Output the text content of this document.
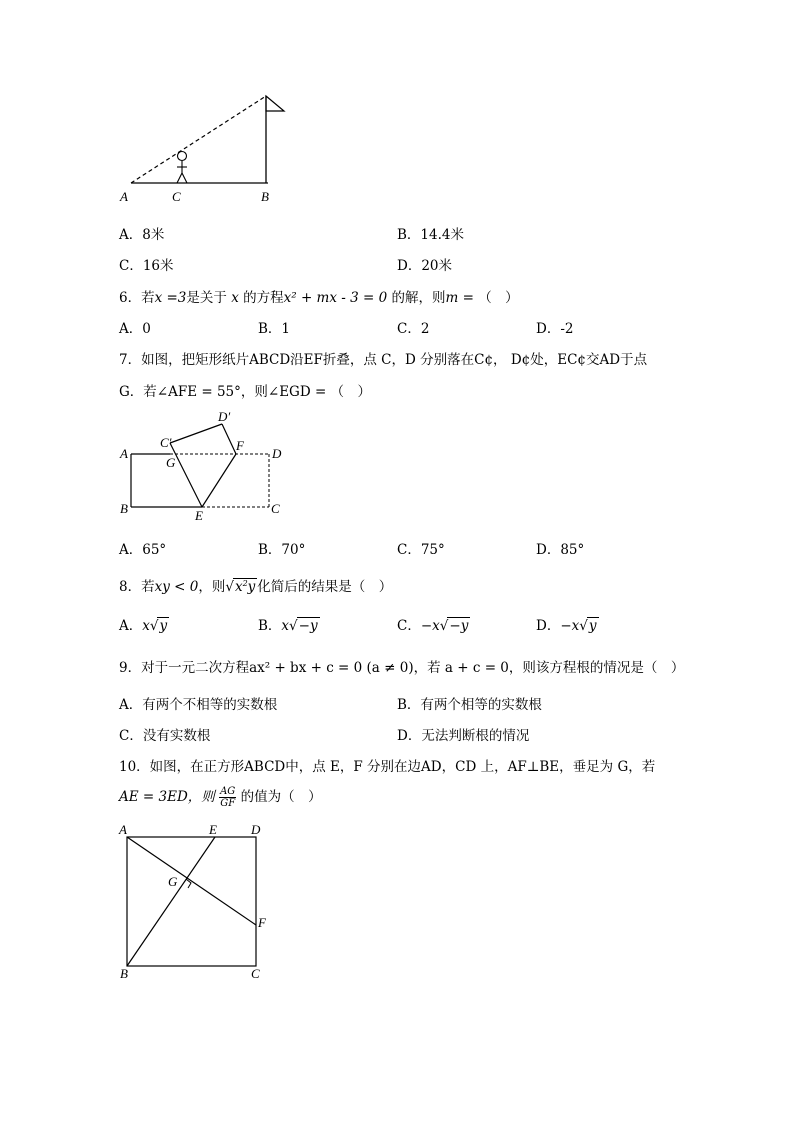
A	C	B
A．8米	B．14.4米
C．16米	D．20米
6．若x =3是关于 x 的方程x² + mx - 3 = 0 的解，则m = （　）
A．0	B．1	C．2	D．-2
7．如图，把矩形纸片ABCD沿EF折叠，点 C，D 分别落在C¢， D¢处，EC¢交AD于点
G．若∠AFE = 55°，则∠EGD = （　）
D′
C′	F
A
G
D
B	E	C
A．65°	B．70°	C．75°	D．85°
8．若xy < 0，则$√x^2y$ 化简后的结果是（　）
A．x√y	B．x√−y	C．−x√−y	D．−x√y
9．对于一元二次方程ax² + bx + c = 0 (a ≠ 0)，若 a + c = 0，则该方程根的情况是（　）
A．有两个不相等的实数根	B．有两个相等的实数根
C．没有实数根	D．无法判断根的情况
10．如图，在正方形ABCD中，点 E，F 分别在边AD，CD 上，AF⊥BE，垂足为 G，若
AE = 3ED，则 $\frac{AG}{GF}$ 的值为（　）
A	E	D
G
F
B	C
